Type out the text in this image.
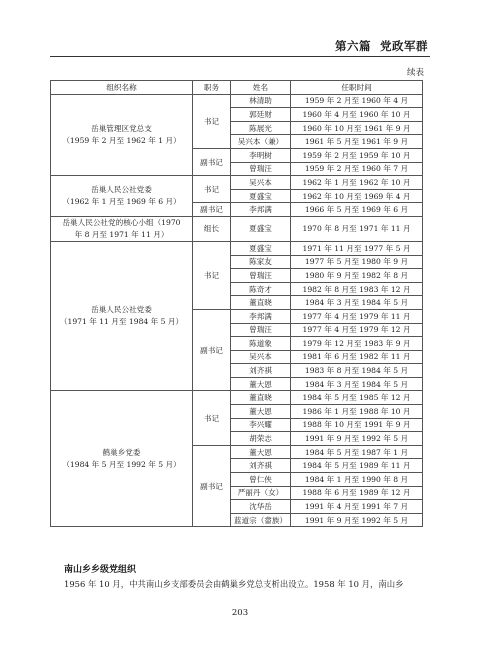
第六篇 党政军群
续表
组织名称	职务	姓名	任职时间

岳巢管理区党总支
（1959 年 2 月至 1962 年 1 月）	书记	林清助	1959 年 2 月至 1960 年 4 月
		郭廷财	1960 年 4 月至 1960 年 10 月
		陈展光	1960 年 10 月至 1961 年 9 月
		吴兴本（兼）	1961 年 5 月至 1961 年 9 月
	副书记	李明树	1959 年 2 月至 1959 年 10 月
		曾瑞汪	1959 年 2 月至 1960 年 7 月

岳巢人民公社党委
（1962 年 1 月至 1969 年 6 月）	书记	吴兴本	1962 年 1 月至 1962 年 10 月
		夏盛宝	1962 年 10 月至 1969 年 4 月
	副书记	李邦满	1966 年 5 月至 1969 年 6 月

岳巢人民公社党的核心小组（1970
年 8 月至 1971 年 11 月）	组长	夏盛宝	1970 年 8 月至 1971 年 11 月

岳巢人民公社党委
（1971 年 11 月至 1984 年 5 月）	书记	夏盛宝	1971 年 11 月至 1977 年 5 月
		陈家友	1977 年 5 月至 1980 年 9 月
		曾瑞汪	1980 年 9 月至 1982 年 8 月
		陈奇才	1982 年 8 月至 1983 年 12 月
		董直晓	1984 年 3 月至 1984 年 5 月
	副书记	李邦满	1977 年 4 月至 1979 年 11 月
		曾瑞汪	1977 年 4 月至 1979 年 12 月
		陈道象	1979 年 12 月至 1983 年 9 月
		吴兴本	1981 年 6 月至 1982 年 11 月
		刘齐祺	1983 年 8 月至 1984 年 5 月
		董大恩	1984 年 3 月至 1984 年 5 月

鹤巢乡党委
（1984 年 5 月至 1992 年 5 月）	书记	董直晓	1984 年 5 月至 1985 年 12 月
		董大恩	1986 年 1 月至 1988 年 10 月
		李兴耀	1988 年 10 月至 1991 年 9 月
		胡荣志	1991 年 9 月至 1992 年 5 月
	副书记	董大恩	1984 年 5 月至 1987 年 1 月
		刘齐祺	1984 年 5 月至 1989 年 11 月
		曾仁侠	1984 年 1 月至 1990 年 8 月
		严丽丹（女）	1988 年 6 月至 1989 年 12 月
		沈华岳	1991 年 4 月至 1991 年 7 月
		蓝道宗（畲族）	1991 年 9 月至 1992 年 5 月
南山乡乡级党组织
1956 年 10 月，中共南山乡支部委员会由鹤巢乡党总支析出设立。1958 年 10 月，南山乡
203
